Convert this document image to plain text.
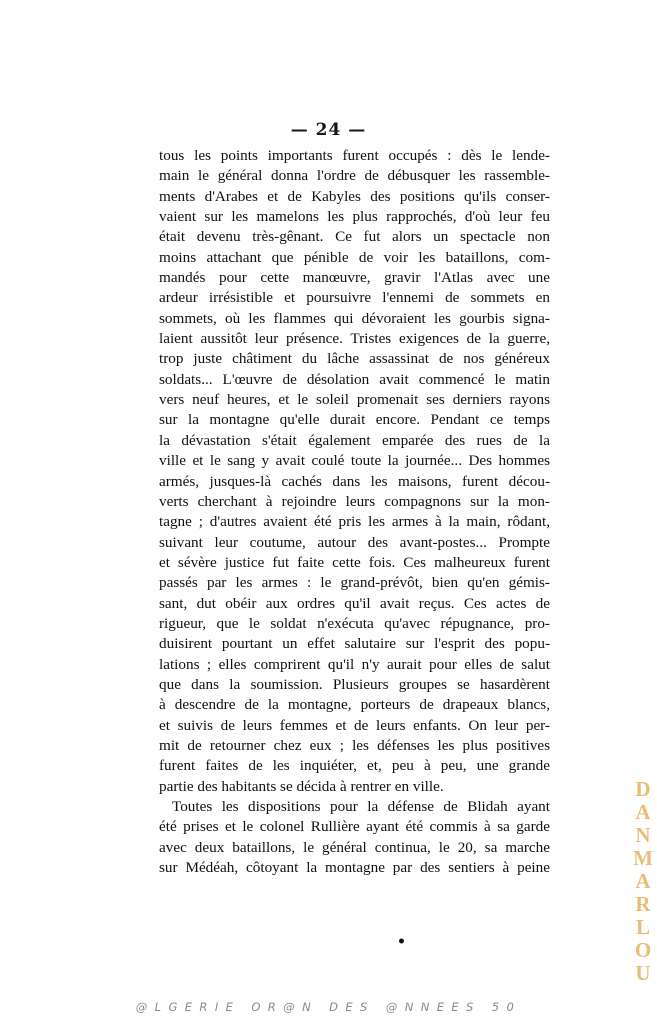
— 24 —
tous les points importants furent occupés : dès le lende-
main le général donna l'ordre de débusquer les rassemble-
ments d'Arabes et de Kabyles des positions qu'ils conser-
vaient sur les mamelons les plus rapprochés, d'où leur feu
était devenu très-gênant. Ce fut alors un spectacle non
moins attachant que pénible de voir les bataillons, com-
mandés pour cette manœuvre, gravir l'Atlas avec une
ardeur irrésistible et poursuivre l'ennemi de sommets en
sommets, où les flammes qui dévoraient les gourbis signa-
laient aussitôt leur présence. Tristes exigences de la guerre,
trop juste châtiment du lâche assassinat de nos généreux
soldats... L'œuvre de désolation avait commencé le matin
vers neuf heures, et le soleil promenait ses derniers rayons
sur la montagne qu'elle durait encore. Pendant ce temps
la dévastation s'était également emparée des rues de la
ville et le sang y avait coulé toute la journée... Des hommes
armés, jusques-là cachés dans les maisons, furent décou-
verts cherchant à rejoindre leurs compagnons sur la mon-
tagne ; d'autres avaient été pris les armes à la main, rôdant,
suivant leur coutume, autour des avant-postes... Prompte
et sévère justice fut faite cette fois. Ces malheureux furent
passés par les armes : le grand-prévôt, bien qu'en gémis-
sant, dut obéir aux ordres qu'il avait reçus. Ces actes de
rigueur, que le soldat n'exécuta qu'avec répugnance, pro-
duisirent pourtant un effet salutaire sur l'esprit des popu-
lations ; elles comprirent qu'il n'y aurait pour elles de salut
que dans la soumission. Plusieurs groupes se hasardèrent
à descendre de la montagne, porteurs de drapeaux blancs,
et suivis de leurs femmes et de leurs enfants. On leur per-
mit de retourner chez eux ; les défenses les plus positives
furent faites de les inquiéter, et, peu à peu, une grande
partie des habitants se décida à rentrer en ville.
Toutes les dispositions pour la défense de Blidah ayant
été prises et le colonel Rullière ayant été commis à sa garde
avec deux bataillons, le général continua, le 20, sa marche
sur Médéah, côtoyant la montagne par des sentiers à peine
•
D
A
N
M
A
R
L
O
U
@LGERIE OR@N DES @NNEES 50
